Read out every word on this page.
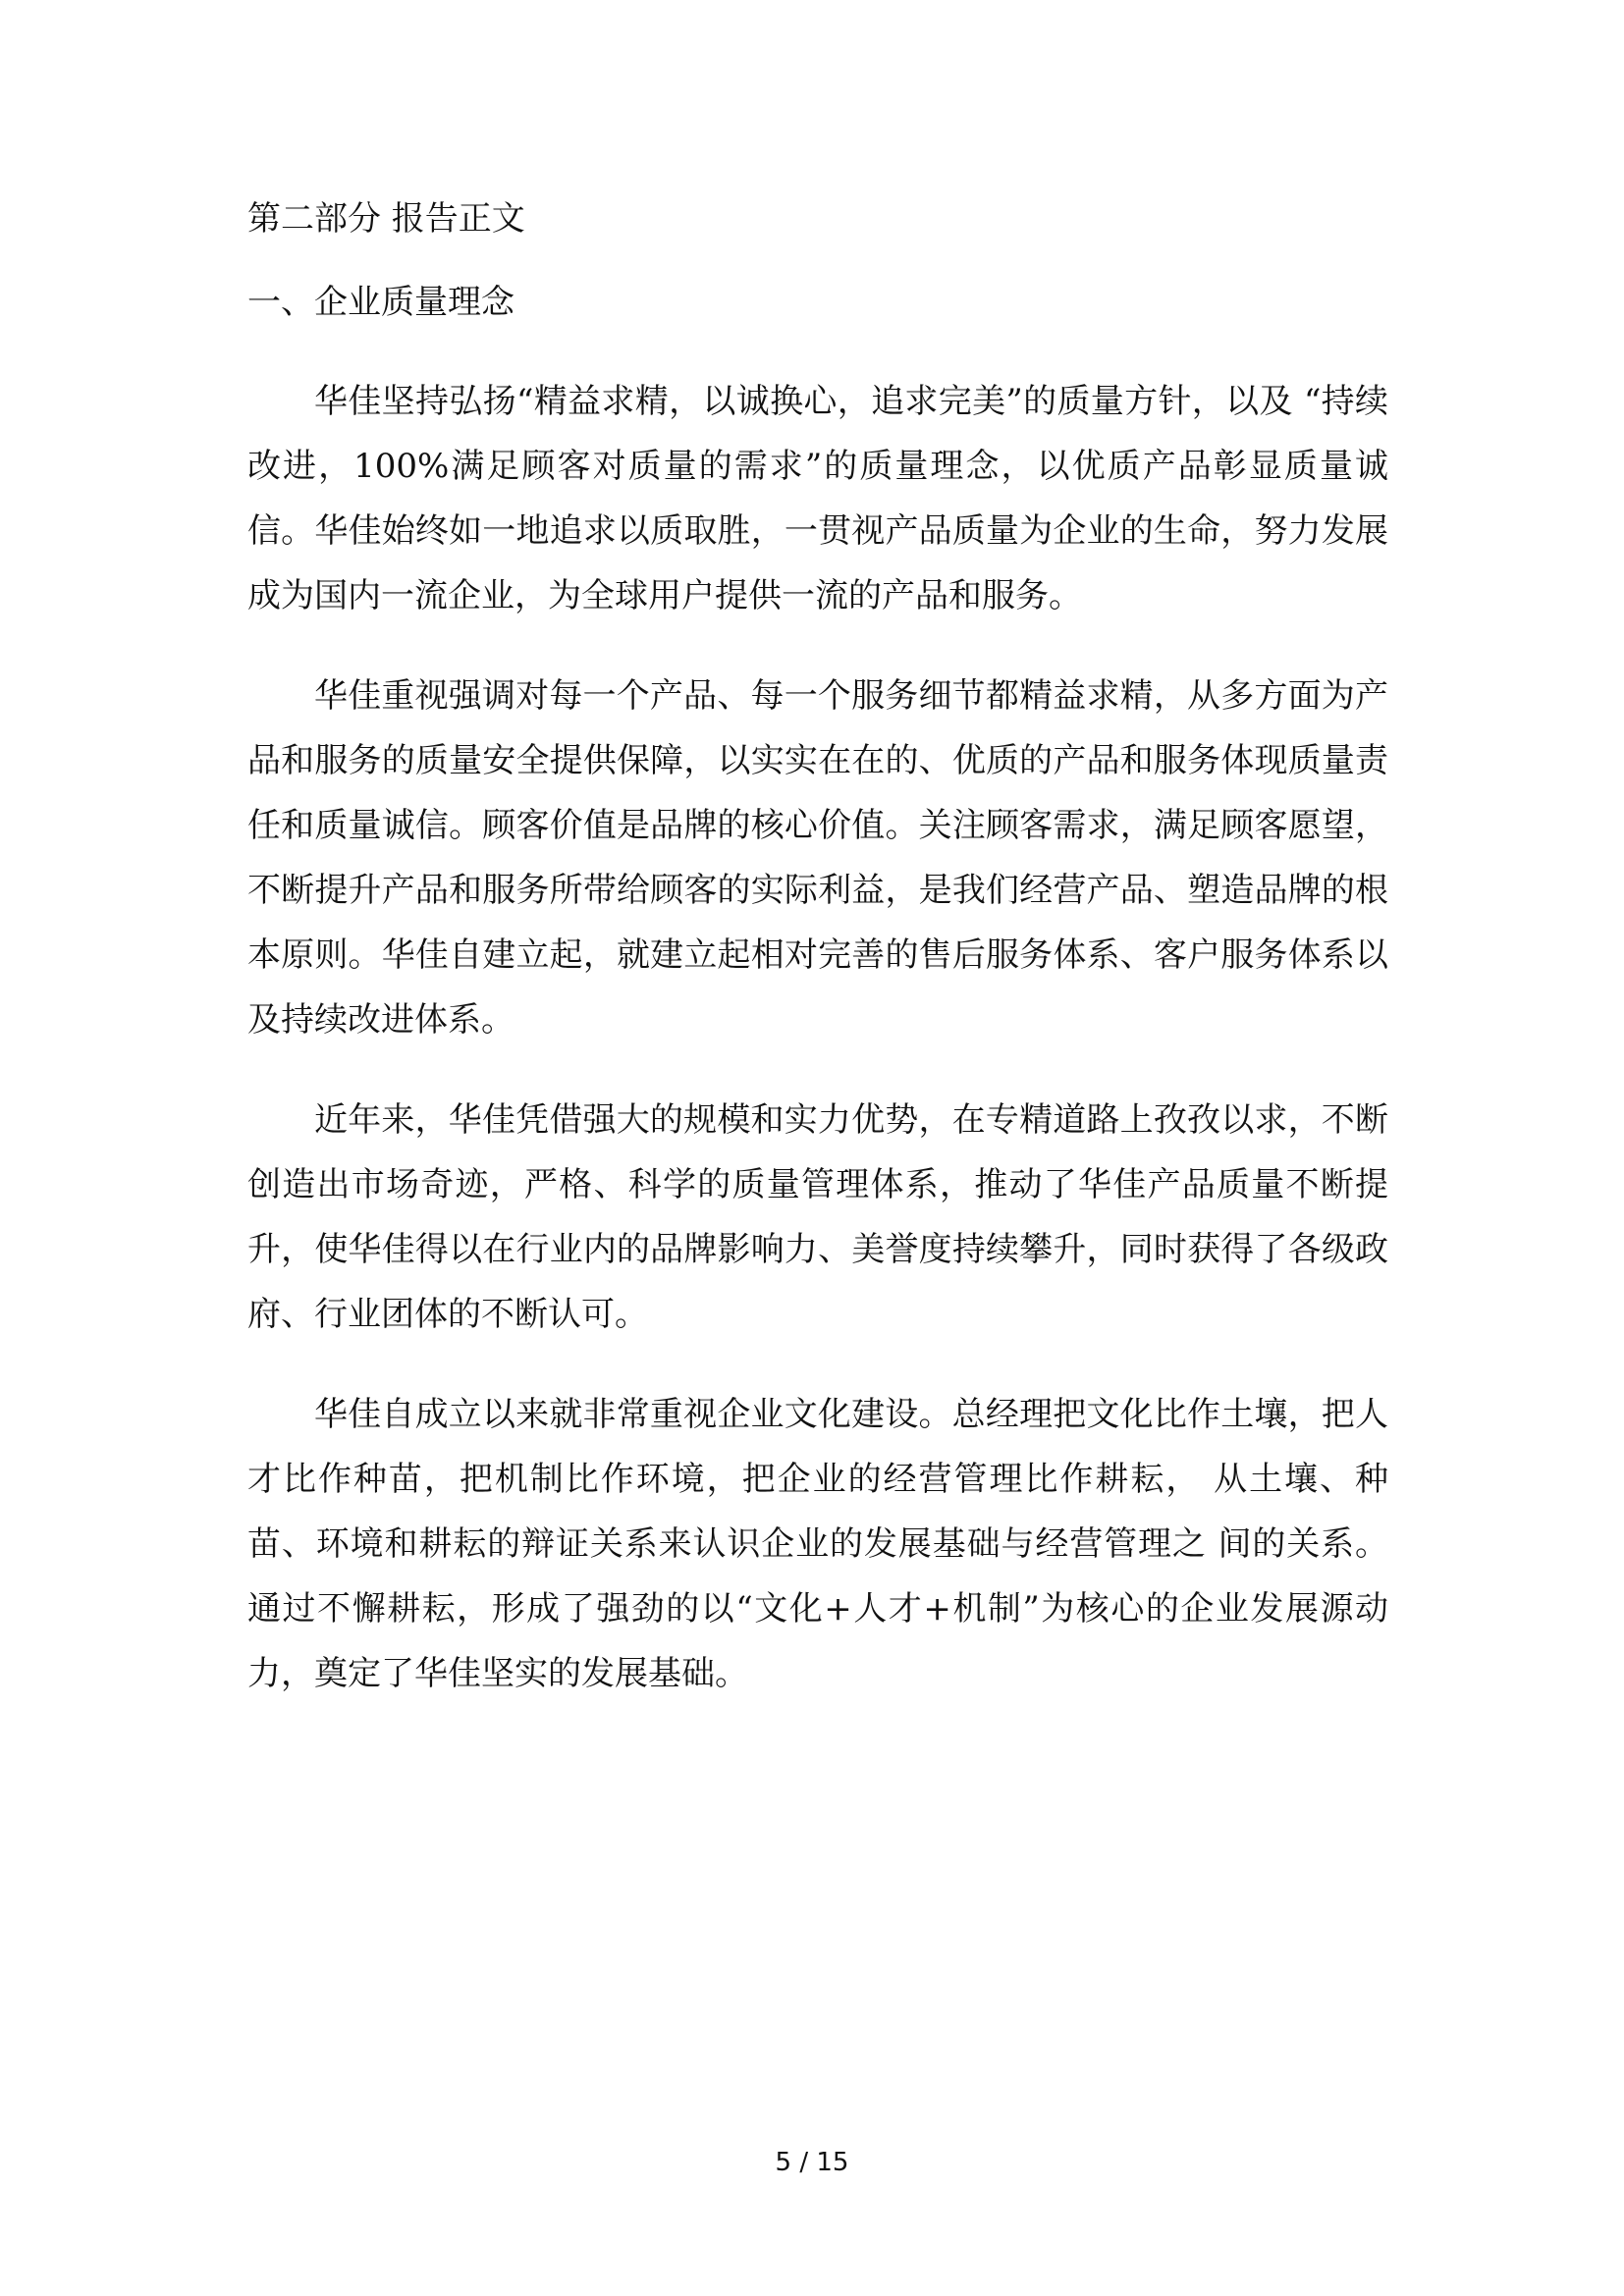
第二部分 报告正文
一、企业质量理念

华佳坚持弘扬“精益求精，以诚换心，追求完美”的质量方针，以及 “持续改进，100%满足顾客对质量的需求”的质量理念，以优质产品彰显质量诚信。华佳始终如一地追求以质取胜，一贯视产品质量为企业的生命，努力发展成为国内一流企业，为全球用户提供一流的产品和服务。

华佳重视强调对每一个产品、每一个服务细节都精益求精，从多方面为产品和服务的质量安全提供保障，以实实在在的、优质的产品和服务体现质量责任和质量诚信。顾客价值是品牌的核心价值。关注顾客需求，满足顾客愿望，不断提升产品和服务所带给顾客的实际利益，是我们经营产品、塑造品牌的根本原则。华佳自建立起，就建立起相对完善的售后服务体系、客户服务体系以及持续改进体系。

近年来，华佳凭借强大的规模和实力优势，在专精道路上孜孜以求，不断创造出市场奇迹，严格、科学的质量管理体系，推动了华佳产品质量不断提升，使华佳得以在行业内的品牌影响力、美誉度持续攀升，同时获得了各级政府、行业团体的不断认可。

华佳自成立以来就非常重视企业文化建设。总经理把文化比作土壤，把人才比作种苗，把机制比作环境，把企业的经营管理比作耕耘， 从土壤、种苗、环境和耕耘的辩证关系来认识企业的发展基础与经营管理之 间的关系。通过不懈耕耘，形成了强劲的以“文化+人才+机制”为核心的企业发展源动力，奠定了华佳坚实的发展基础。

5 / 15
